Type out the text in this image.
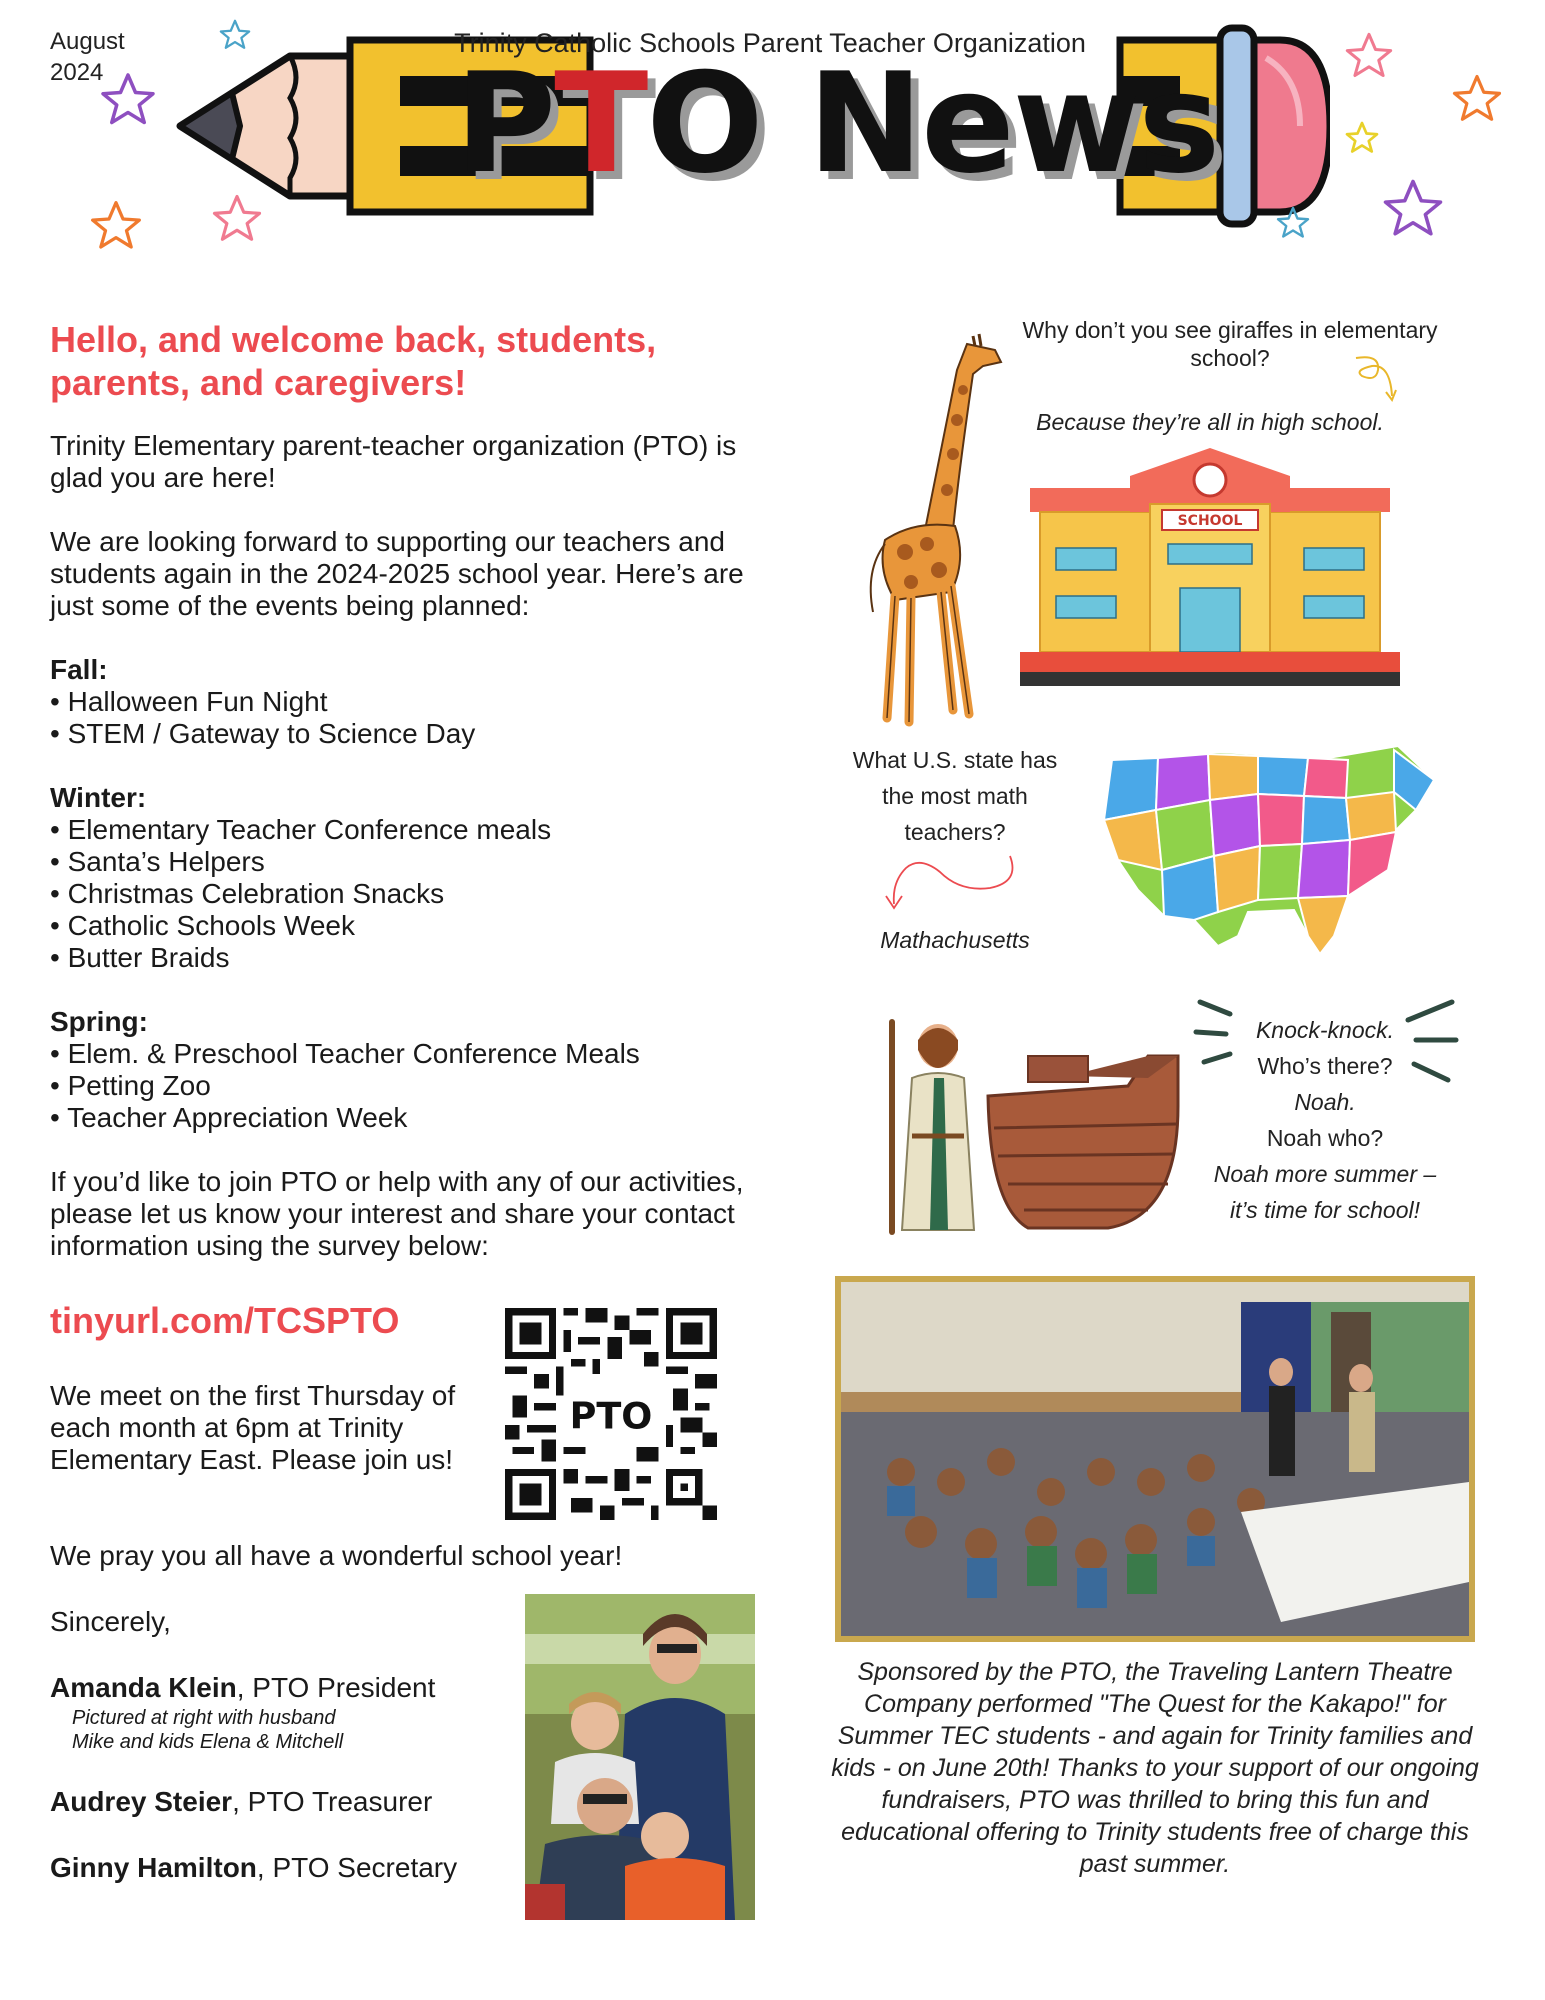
August
2024
Trinity Catholic Schools Parent Teacher Organization
PTO News
Hello, and welcome back, students, parents, and caregivers!

Trinity Elementary parent-teacher organization (PTO) is glad you are here!

We are looking forward to supporting our teachers and students again in the 2024-2025 school year. Here’s are just some of the events being planned:

Fall:
• Halloween Fun Night
• STEM / Gateway to Science Day
Winter:
• Elementary Teacher Conference meals
• Santa’s Helpers
• Christmas Celebration Snacks
• Catholic Schools Week
• Butter Braids
Spring:
• Elem. & Preschool Teacher Conference Meals
• Petting Zoo
• Teacher Appreciation Week

If you’d like to join PTO or help with any of our activities, please let us know your interest and share your contact information using the survey below:

tinyurl.com/TCSPTO
We meet on the first Thursday of each month at 6pm at Trinity Elementary East. Please join us!
PTO
We pray you all have a wonderful school year!
Sincerely,
Amanda Klein, PTO President
Pictured at right with husband
Mike and kids Elena & Mitchell
Audrey Steier, PTO Treasurer
Ginny Hamilton, PTO Secretary
Why don’t you see giraffes in elementary school?
Because they’re all in high school.
SCHOOL
What U.S. state has the most math teachers?
Mathachusetts
Knock-knock.
Who’s there?
Noah.
Noah who?
Noah more summer –
it’s time for school!
Sponsored by the PTO, the Traveling Lantern Theatre Company performed "The Quest for the Kakapo!" for Summer TEC students - and again for Trinity families and kids - on June 20th! Thanks to your support of our ongoing fundraisers, PTO was thrilled to bring this fun and educational offering to Trinity students free of charge this past summer.
